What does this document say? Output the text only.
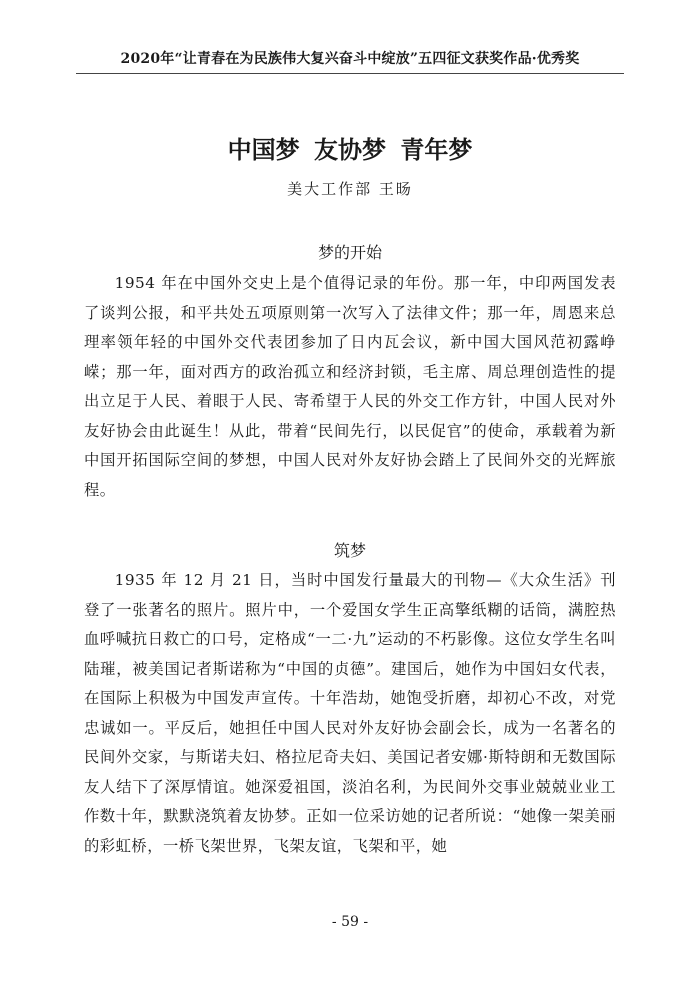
2020年“让青春在为民族伟大复兴奋斗中绽放”五四征文获奖作品·优秀奖
中国梦 友协梦 青年梦
美大工作部 王旸
梦的开始

1954 年在中国外交史上是个值得记录的年份。那一年，中印两国发表了谈判公报，和平共处五项原则第一次写入了法律文件；那一年，周恩来总理率领年轻的中国外交代表团参加了日内瓦会议，新中国大国风范初露峥嵘；那一年，面对西方的政治孤立和经济封锁，毛主席、周总理创造性的提出立足于人民、着眼于人民、寄希望于人民的外交工作方针，中国人民对外友好协会由此诞生！从此，带着“民间先行，以民促官”的使命，承载着为新中国开拓国际空间的梦想，中国人民对外友好协会踏上了民间外交的光辉旅程。

筑梦

1935 年 12 月 21 日，当时中国发行量最大的刊物—《大众生活》刊登了一张著名的照片。照片中，一个爱国女学生正高擎纸糊的话筒，满腔热血呼喊抗日救亡的口号，定格成“一二·九”运动的不朽影像。这位女学生名叫陆璀，被美国记者斯诺称为“中国的贞德”。建国后，她作为中国妇女代表，在国际上积极为中国发声宣传。十年浩劫，她饱受折磨，却初心不改，对党忠诚如一。平反后，她担任中国人民对外友好协会副会长，成为一名著名的民间外交家，与斯诺夫妇、格拉尼奇夫妇、美国记者安娜·斯特朗和无数国际友人结下了深厚情谊。她深爱祖国，淡泊名利，为民间外交事业兢兢业业工作数十年，默默浇筑着友协梦。正如一位采访她的记者所说：“她像一架美丽的彩虹桥，一桥飞架世界，飞架友谊，飞架和平，她

- 59 -
